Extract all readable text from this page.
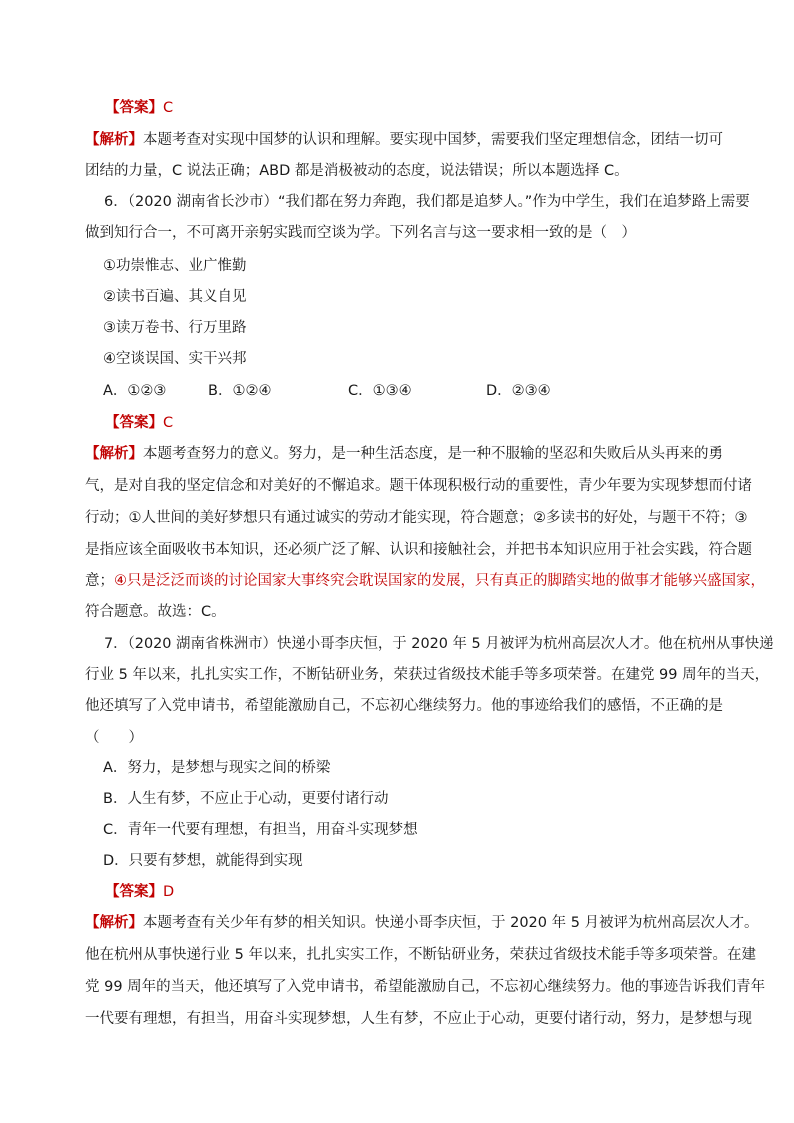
【答案】C
【解析】本题考查对实现中国梦的认识和理解。要实现中国梦，需要我们坚定理想信念，团结一切可
团结的力量，C 说法正确；ABD 都是消极被动的态度，说法错误；所以本题选择 C。
6．（2020 湖南省长沙市）“我们都在努力奔跑，我们都是追梦人。”作为中学生，我们在追梦路上需要
做到知行合一，不可离开亲躬实践而空谈为学。下列名言与这一要求相一致的是（　）
①功崇惟志、业广惟勤
②读书百遍、其义自见
③读万卷书、行万里路
④空谈误国、实干兴邦
A．①②③	B．①②④	C．①③④	D．②③④
【答案】C
【解析】本题考查努力的意义。努力，是一种生活态度，是一种不服输的坚忍和失败后从头再来的勇
气，是对自我的坚定信念和对美好的不懈追求。题干体现积极行动的重要性，青少年要为实现梦想而付诸
行动；①人世间的美好梦想只有通过诚实的劳动才能实现，符合题意；②多读书的好处，与题干不符；③
是指应该全面吸收书本知识，还必须广泛了解、认识和接触社会，并把书本知识应用于社会实践，符合题
意；④只是泛泛而谈的讨论国家大事终究会耽误国家的发展，只有真正的脚踏实地的做事才能够兴盛国家，
符合题意。故选：C。
7．（2020 湖南省株洲市）快递小哥李庆恒，于 2020 年 5 月被评为杭州高层次人才。他在杭州从事快递
行业 5 年以来，扎扎实实工作，不断钻研业务，荣获过省级技术能手等多项荣誉。在建党 99 周年的当天，
他还填写了入党申请书，希望能激励自己，不忘初心继续努力。他的事迹给我们的感悟，不正确的是
（　　）
A．努力，是梦想与现实之间的桥梁
B．人生有梦，不应止于心动，更要付诸行动
C．青年一代要有理想，有担当，用奋斗实现梦想
D．只要有梦想，就能得到实现
【答案】D
【解析】本题考查有关少年有梦的相关知识。快递小哥李庆恒，于 2020 年 5 月被评为杭州高层次人才。
他在杭州从事快递行业 5 年以来，扎扎实实工作，不断钻研业务，荣获过省级技术能手等多项荣誉。在建
党 99 周年的当天，他还填写了入党申请书，希望能激励自己，不忘初心继续努力。他的事迹告诉我们青年
一代要有理想，有担当，用奋斗实现梦想，人生有梦，不应止于心动，更要付诸行动，努力，是梦想与现
